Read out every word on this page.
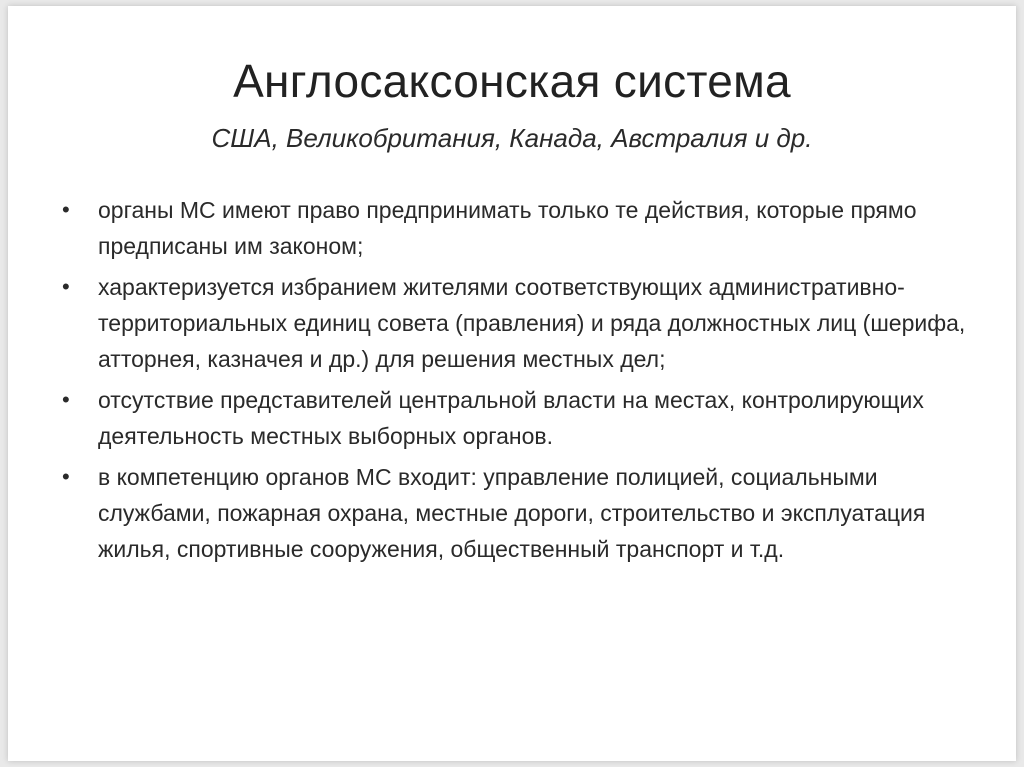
Англосаксонская система
США, Великобритания, Канада, Австралия и др.
• органы МС имеют право предпринимать только те действия, которые прямо предписаны им законом;
• характеризуется избранием жителями соответствующих административно-территориальных единиц совета (правления) и ряда должностных лиц (шерифа, атторнея, казначея и др.) для решения местных дел;
• отсутствие представителей центральной власти на местах, контролирующих деятельность местных выборных органов.
• в компетенцию органов МС входит: управление полицией, социальными службами, пожарная охрана, местные дороги, строительство и эксплуатация жилья, спортивные сооружения, общественный транспорт и т.д.
